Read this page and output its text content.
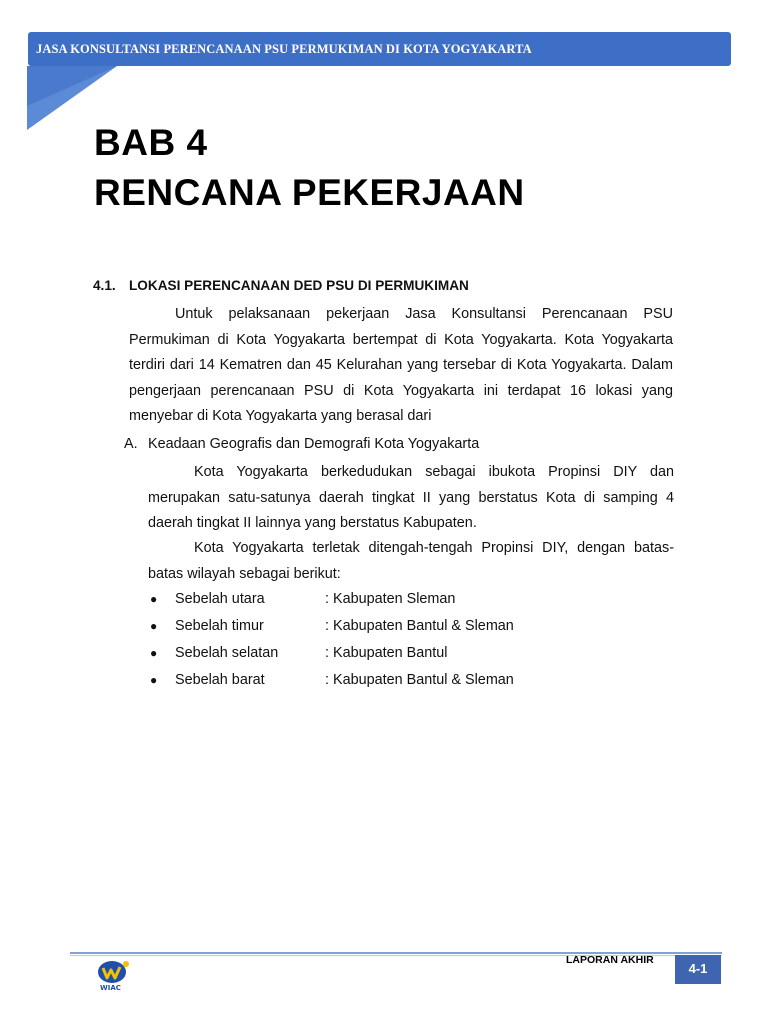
JASA KONSULTANSI PERENCANAAN PSU PERMUKIMAN DI KOTA YOGYAKARTA
BAB 4
RENCANA PEKERJAAN
4.1. LOKASI PERENCANAAN DED PSU DI PERMUKIMAN
Untuk pelaksanaan pekerjaan Jasa Konsultansi Perencanaan PSU Permukiman di Kota Yogyakarta bertempat di Kota Yogyakarta. Kota Yogyakarta terdiri dari 14 Kematren dan 45 Kelurahan yang tersebar di Kota Yogyakarta. Dalam pengerjaan perencanaan PSU di Kota Yogyakarta ini terdapat 16 lokasi yang menyebar di Kota Yogyakarta yang berasal dari
A. Keadaan Geografis dan Demografi Kota Yogyakarta
Kota Yogyakarta berkedudukan sebagai ibukota Propinsi DIY dan merupakan satu-satunya daerah tingkat II yang berstatus Kota di samping 4 daerah tingkat II lainnya yang berstatus Kabupaten.
Kota Yogyakarta terletak ditengah-tengah Propinsi DIY, dengan batas-batas wilayah sebagai berikut:
● Sebelah utara	: Kabupaten Sleman
● Sebelah timur	: Kabupaten Bantul & Sleman
● Sebelah selatan	: Kabupaten Bantul
● Sebelah barat	: Kabupaten Bantul & Sleman
LAPORAN AKHIR
4-1
WIAC
